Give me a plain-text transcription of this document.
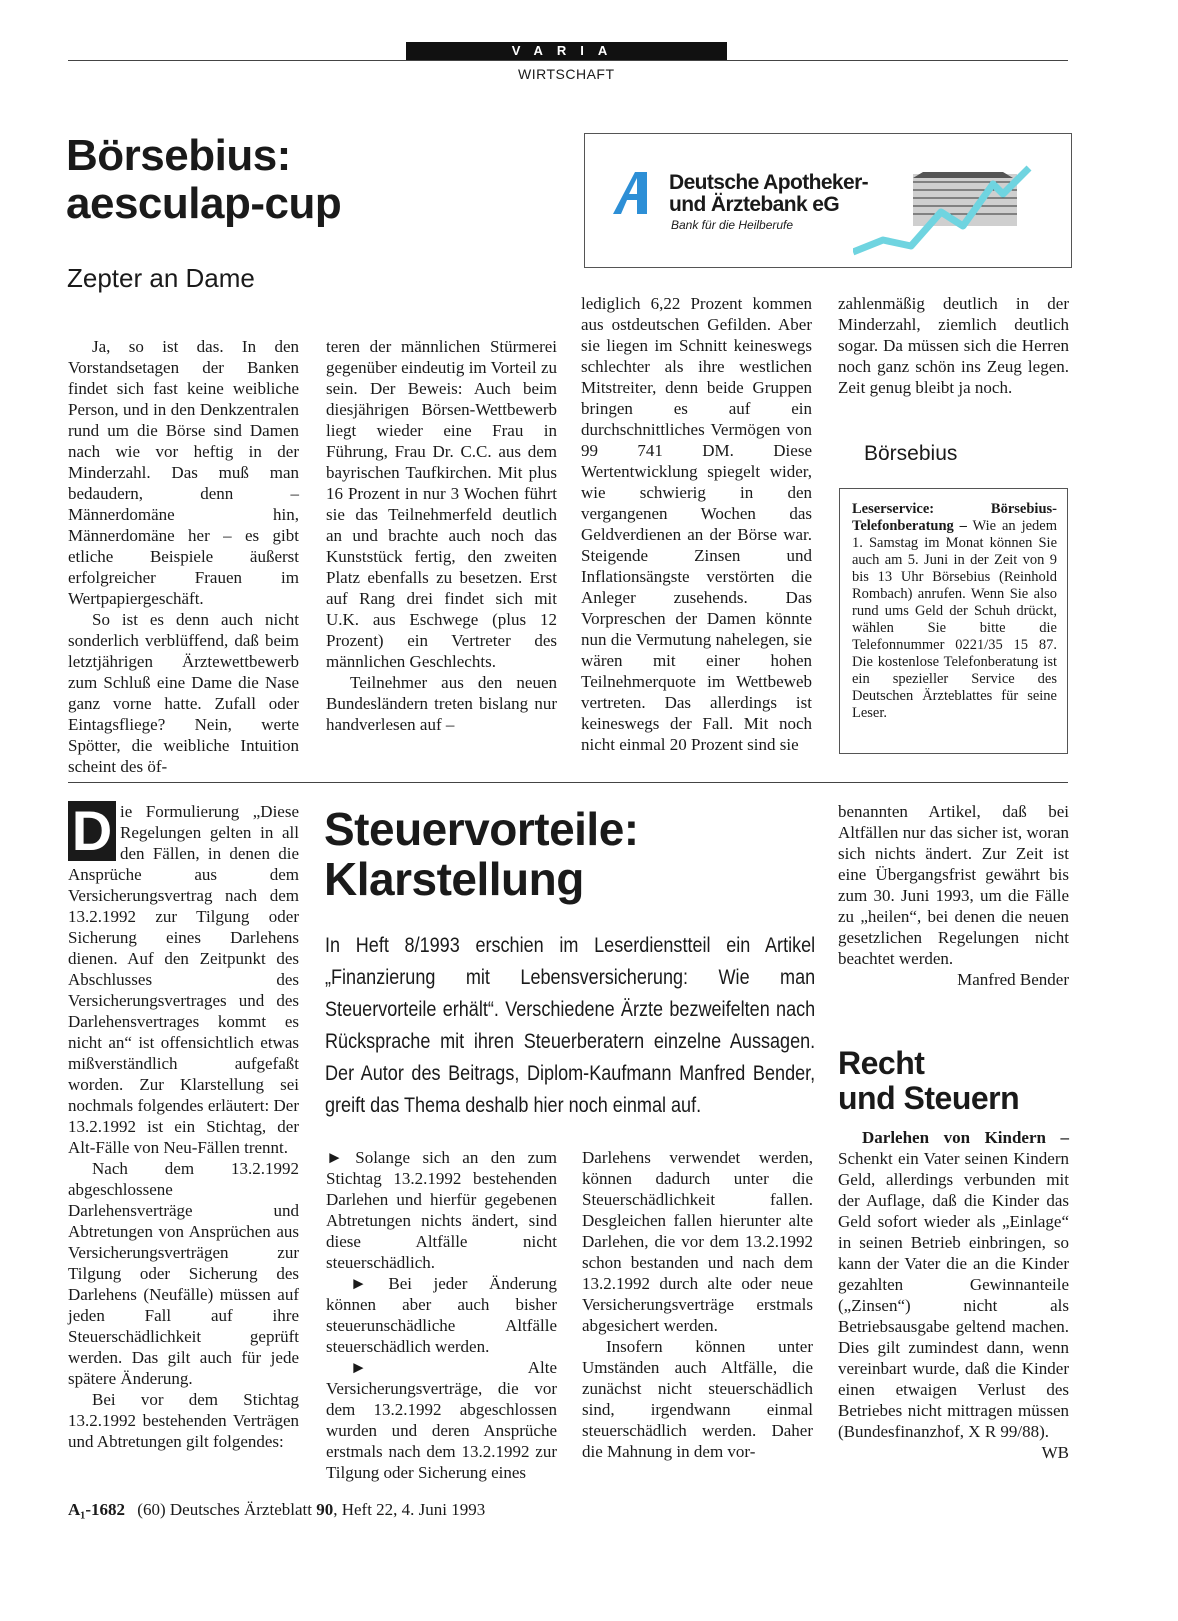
VARIA
WIRTSCHAFT
Börsebius:
aesculap-cup
Zepter an Dame
Deutsche Apotheker-
und Ärztebank eG
Bank für die Heilberufe

Ja, so ist das. In den Vorstandsetagen der Banken findet sich fast keine weibliche Person, und in den Denkzentralen rund um die Börse sind Damen nach wie vor heftig in der Minderzahl. Das muß man bedaudern, denn – Männerdomäne hin, Männerdomäne her – es gibt etliche Beispiele äußerst erfolgreicher Frauen im Wertpapiergeschäft.

So ist es denn auch nicht sonderlich verblüffend, daß beim letztjährigen Ärztewettbewerb zum Schluß eine Dame die Nase ganz vorne hatte. Zufall oder Eintagsfliege? Nein, werte Spötter, die weibliche Intuition scheint des öf-

teren der männlichen Stürmerei gegenüber eindeutig im Vorteil zu sein. Der Beweis: Auch beim diesjährigen Börsen-Wettbewerb liegt wieder eine Frau in Führung, Frau Dr. C.C. aus dem bayrischen Taufkirchen. Mit plus 16 Prozent in nur 3 Wochen führt sie das Teilnehmerfeld deutlich an und brachte auch noch das Kunststück fertig, den zweiten Platz ebenfalls zu besetzen. Erst auf Rang drei findet sich mit U.K. aus Eschwege (plus 12 Prozent) ein Vertreter des männlichen Geschlechts.

Teilnehmer aus den neuen Bundesländern treten bislang nur handverlesen auf –

lediglich 6,22 Prozent kommen aus ostdeutschen Gefilden. Aber sie liegen im Schnitt keineswegs schlechter als ihre westlichen Mitstreiter, denn beide Gruppen bringen es auf ein durchschnittliches Vermögen von 99 741 DM. Diese Wertentwicklung spiegelt wider, wie schwierig in den vergangenen Wochen das Geldverdienen an der Börse war. Steigende Zinsen und Inflationsängste verstörten die Anleger zusehends. Das Vorpreschen der Damen könnte nun die Vermutung nahelegen, sie wären mit einer hohen Teilnehmerquote im Wettbeweb vertreten. Das allerdings ist keineswegs der Fall. Mit noch nicht einmal 20 Prozent sind sie

zahlenmäßig deutlich in der Minderzahl, ziemlich deutlich sogar. Da müssen sich die Herren noch ganz schön ins Zeug legen. Zeit genug bleibt ja noch.

Börsebius

Leserservice: Börsebius-Telefonberatung – Wie an jedem 1. Samstag im Monat können Sie auch am 5. Juni in der Zeit von 9 bis 13 Uhr Börsebius (Reinhold Rombach) anrufen. Wenn Sie also rund ums Geld der Schuh drückt, wählen Sie bitte die Telefonnummer 0221/35 15 87. Die kostenlose Telefonberatung ist ein spezieller Service des Deutschen Ärzteblattes für seine Leser.

D ie Formulierung „Diese Regelungen gelten in all den Fällen, in denen die Ansprüche aus dem Versicherungsvertrag nach dem 13.2.1992 zur Tilgung oder Sicherung eines Darlehens dienen. Auf den Zeitpunkt des Abschlusses des Versicherungsvertrages und des Darlehensvertrages kommt es nicht an“ ist offensichtlich etwas mißverständlich aufgefaßt worden. Zur Klarstellung sei nochmals folgendes erläutert: Der 13.2.1992 ist ein Stichtag, der Alt-Fälle von Neu-Fällen trennt.

Nach dem 13.2.1992 abgeschlossene Darlehensverträge und Abtretungen von Ansprüchen aus Versicherungsverträgen zur Tilgung oder Sicherung des Darlehens (Neufälle) müssen auf jeden Fall auf ihre Steuerschädlichkeit geprüft werden. Das gilt auch für jede spätere Änderung.

Bei vor dem Stichtag 13.2.1992 bestehenden Verträgen und Abtretungen gilt folgendes:

Steuervorteile:
Klarstellung

In Heft 8/1993 erschien im Leserdienstteil ein Artikel „Finanzierung mit Lebensversicherung: Wie man Steuervorteile erhält“. Verschiedene Ärzte bezweifelten nach Rücksprache mit ihren Steuerberatern einzelne Aussagen. Der Autor des Beitrags, Diplom-Kaufmann Manfred Bender, greift das Thema deshalb hier noch einmal auf.

► Solange sich an den zum Stichtag 13.2.1992 bestehenden Darlehen und hierfür gegebenen Abtretungen nichts ändert, sind diese Altfälle nicht steuerschädlich.

► Bei jeder Änderung können aber auch bisher steuerunschädliche Altfälle steuerschädlich werden.

► Alte Versicherungsverträge, die vor dem 13.2.1992 abgeschlossen wurden und deren Ansprüche erstmals nach dem 13.2.1992 zur Tilgung oder Sicherung eines

Darlehens verwendet werden, können dadurch unter die Steuerschädlichkeit fallen. Desgleichen fallen hierunter alte Darlehen, die vor dem 13.2.1992 schon bestanden und nach dem 13.2.1992 durch alte oder neue Versicherungsverträge erstmals abgesichert werden.

Insofern können unter Umständen auch Altfälle, die zunächst nicht steuerschädlich sind, irgendwann einmal steuerschädlich werden. Daher die Mahnung in dem vor-

benannten Artikel, daß bei Altfällen nur das sicher ist, woran sich nichts ändert. Zur Zeit ist eine Übergangsfrist gewährt bis zum 30. Juni 1993, um die Fälle zu „heilen“, bei denen die neuen gesetzlichen Regelungen nicht beachtet werden.

Manfred Bender
Recht
und Steuern

Darlehen von Kindern – Schenkt ein Vater seinen Kindern Geld, allerdings verbunden mit der Auflage, daß die Kinder das Geld sofort wieder als „Einlage“ in seinen Betrieb einbringen, so kann der Vater die an die Kinder gezahlten Gewinnanteile („Zinsen“) nicht als Betriebsausgabe geltend machen. Dies gilt zumindest dann, wenn vereinbart wurde, daß die Kinder einen etwaigen Verlust des Betriebes nicht mittragen müssen (Bundesfinanzhof, X R 99/88).
WB

A₁-1682 (60) Deutsches Ärzteblatt 90, Heft 22, 4. Juni 1993
